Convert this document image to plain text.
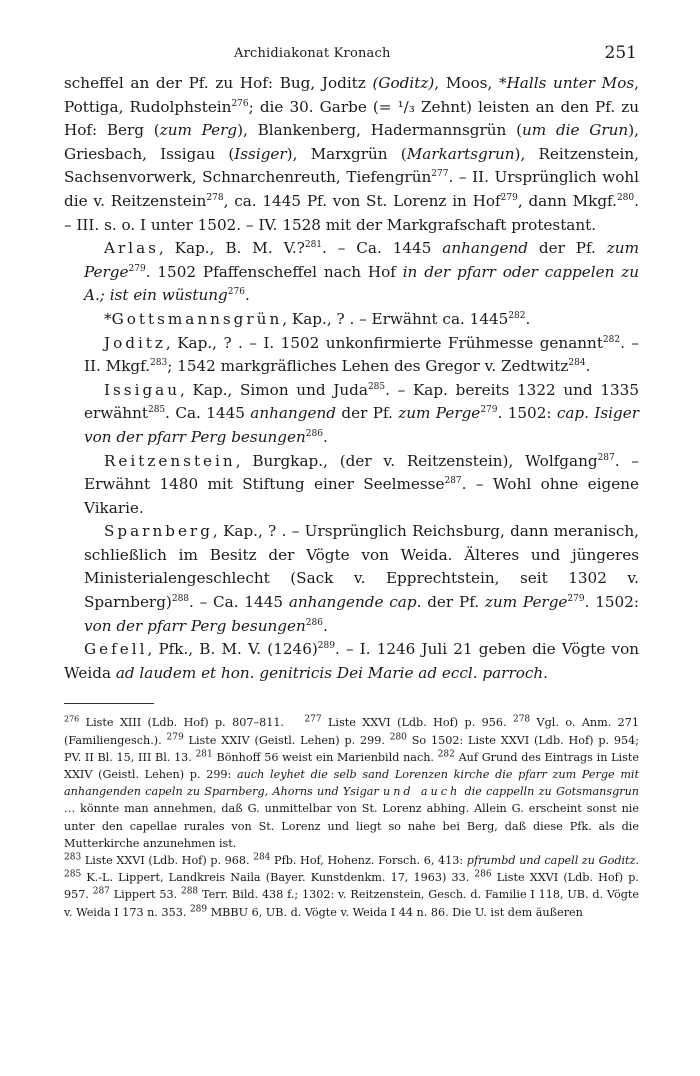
Archidiakonat Kronach	251

scheffel an der Pf. zu Hof: Bug, Joditz (Goditz), Moos, *Halls unter Mos, Pottiga, Rudolphstein$^{276}$; die 30. Garbe (= ¹/₃ Zehnt) leisten an den Pf. zu Hof: Berg (zum Perg), Blankenberg, Hadermannsgrün (um die Grun), Griesbach, Issigau (Issiger), Marxgrün (Markartsgrun), Reitzenstein, Sachsenvorwerk, Schnarchenreuth, Tiefengrün$^{277}$. – II. Ursprünglich wohl die v. Reitzenstein$^{278}$, ca. 1445 Pf. von St. Lorenz in Hof$^{279}$, dann Mkgf.$^{280}$. – III. s. o. I unter 1502. – IV. 1528 mit der Markgrafschaft protestant.

Arlas, Kap., B. M. V.?$^{281}$. – Ca. 1445 anhangend der Pf. zum Perge$^{279}$. 1502 Pfaffenscheffel nach Hof in der pfarr oder cappelen zu A.; ist ein wüstung$^{276}$.

*Gottsmannsgrün, Kap., ? . – Erwähnt ca. 1445$^{282}$.

Joditz, Kap., ? . – I. 1502 unkonfirmierte Frühmesse genannt$^{282}$. – II. Mkgf.$^{283}$; 1542 markgräfliches Lehen des Gregor v. Zedtwitz$^{284}$.

Issigau, Kap., Simon und Juda$^{285}$. – Kap. bereits 1322 und 1335 erwähnt$^{285}$. Ca. 1445 anhangend der Pf. zum Perge$^{279}$. 1502: cap. Isiger von der pfarr Perg besungen$^{286}$.

Reitzenstein, Burgkap., (der v. Reitzenstein), Wolfgang$^{287}$. – Erwähnt 1480 mit Stiftung einer Seelmesse$^{287}$. – Wohl ohne eigene Vikarie.

Sparnberg, Kap., ? . – Ursprünglich Reichsburg, dann meranisch, schließlich im Besitz der Vögte von Weida. Älteres und jüngeres Ministerialengeschlecht (Sack v. Epprechtstein, seit 1302 v. Sparnberg)$^{288}$. – Ca. 1445 anhangende cap. der Pf. zum Perge$^{279}$. 1502: von der pfarr Perg besungen$^{286}$.

Gefell, Pfk., B. M. V. $(1246)^{289}$. – I. 1246 Juli 21 geben die Vögte von Weida ad laudem et hon. genitricis Dei Marie ad eccl. parroch.

$^{276}$ Liste XIII (Ldb. Hof) p. 807–811. $^{277}$ Liste XXVI (Ldb. Hof) p. 956. $^{278}$ Vgl. o. Anm. 271 (Familiengesch.). $^{279}$ Liste XXIV (Geistl. Lehen) p. 299. $^{280}$ So 1502: Liste XXVI (Ldb. Hof) p. 954; PV. II Bl. 15, III Bl. 13. $^{281}$ Bönhoff 56 weist ein Marienbild nach. $^{282}$ Auf Grund des Eintrags in Liste XXIV (Geistl. Lehen) p. 299: auch leyhet die selb sand Lorenzen kirche die pfarr zum Perge mit anhangenden capeln zu Sparnberg, Ahorns und Ysigar und auch die cappelln zu Gotsmansgrun … könnte man annehmen, daß G. unmittelbar von St. Lorenz abhing. Allein G. erscheint sonst nie unter den capellae rurales von St. Lorenz und liegt so nahe bei Berg, daß diese Pfk. als die Mutterkirche anzunehmen ist.

$^{283}$ Liste XXVI (Ldb. Hof) p. 968. $^{284}$ Pfb. Hof, Hohenz. Forsch. 6, 413: pfrumbd und capell zu Goditz. $^{285}$ K.-L. Lippert, Landkreis Naila (Bayer. Kunstdenkm. 17, 1963) 33. $^{286}$ Liste XXVI (Ldb. Hof) p. 957. $^{287}$ Lippert 53. $^{288}$ Terr. Bild. 438 f.; 1302: v. Reitzenstein, Gesch. d. Familie I 118, UB. d. Vögte v. Weida I 173 n. 353. $^{289}$ MBBU 6, UB. d. Vögte v. Weida I 44 n. 86. Die U. ist dem äußeren
